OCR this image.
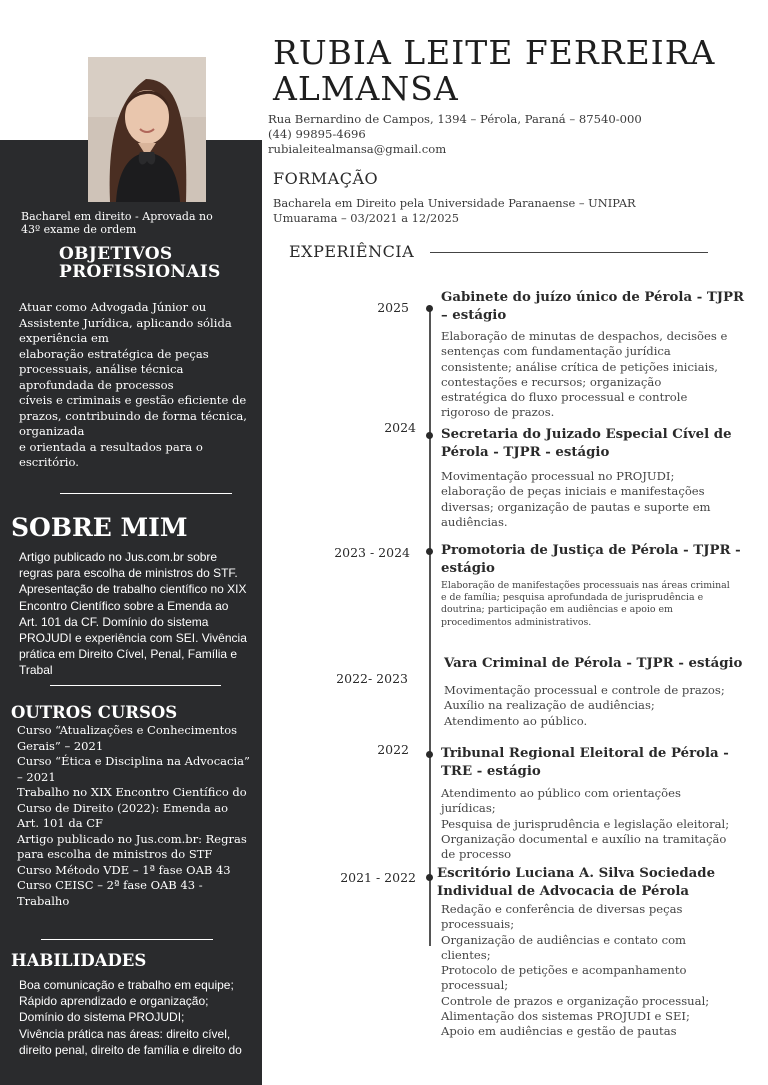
RUBIA LEITE FERREIRA
ALMANSA
Rua Bernardino de Campos, 1394 – Pérola, Paraná – 87540-000
(44) 99895-4696
rubialeitealmansa@gmail.com
FORMAÇÃO
Bacharela em Direito pela Universidade Paranaense – UNIPAR
Umuarama – 03/2021 a 12/2025
Bacharel em direito - Aprovada no
43º exame de ordem
OBJETIVOS
PROFISSIONAIS
Atuar como Advogada Júnior ou
Assistente Jurídica, aplicando sólida
experiência em
elaboração estratégica de peças
processuais, análise técnica
aprofundada de processos
cíveis e criminais e gestão eficiente de
prazos, contribuindo de forma técnica,
organizada
e orientada a resultados para o
escritório.
SOBRE MIM
Artigo publicado no Jus.com.br sobre
regras para escolha de ministros do STF.
Apresentação de trabalho científico no XIX
Encontro Científico sobre a Emenda ao
Art. 101 da CF. Domínio do sistema
PROJUDI e experiência com SEI. Vivência
prática em Direito Cível, Penal, Família e
Trabal
OUTROS CURSOS
Curso “Atualizações e Conhecimentos
Gerais” – 2021
Curso “Ética e Disciplina na Advocacia”
– 2021
Trabalho no XIX Encontro Científico do
Curso de Direito (2022): Emenda ao
Art. 101 da CF
Artigo publicado no Jus.com.br: Regras
para escolha de ministros do STF
Curso Método VDE – 1ª fase OAB 43
Curso CEISC – 2ª fase OAB 43 -
Trabalho
HABILIDADES
Boa comunicação e trabalho em equipe;
Rápido aprendizado e organização;
Domínio do sistema PROJUDI;
Vivência prática nas áreas: direito cível,
direito penal, direito de família e direito do
EXPERIÊNCIA
2025
Gabinete do juízo único de Pérola - TJPR
– estágio
Elaboração de minutas de despachos, decisões e
sentenças com fundamentação jurídica
consistente; análise crítica de petições iniciais,
contestações e recursos; organização
estratégica do fluxo processual e controle
rigoroso de prazos.
2024 Secretaria do Juizado Especial Cível de
Pérola - TJPR - estágio
Movimentação processual no PROJUDI;
elaboração de peças iniciais e manifestações
diversas; organização de pautas e suporte em
audiências.
2023 - 2024 Promotoria de Justiça de Pérola - TJPR -
estágio
Elaboração de manifestações processuais nas áreas criminal
e de família; pesquisa aprofundada de jurisprudência e
doutrina; participação em audiências e apoio em
procedimentos administrativos.
2022- 2023
Vara Criminal de Pérola - TJPR - estágio
Movimentação processual e controle de prazos;
Auxílio na realização de audiências;
Atendimento ao público.
2022 Tribunal Regional Eleitoral de Pérola -
TRE - estágio
Atendimento ao público com orientações
jurídicas;
Pesquisa de jurisprudência e legislação eleitoral;
Organização documental e auxílio na tramitação
de processo
2021 - 2022 Escritório Luciana A. Silva Sociedade
Individual de Advocacia de Pérola
Redação e conferência de diversas peças
processuais;
Organização de audiências e contato com
clientes;
Protocolo de petições e acompanhamento
processual;
Controle de prazos e organização processual;
Alimentação dos sistemas PROJUDI e SEI;
Apoio em audiências e gestão de pautas
